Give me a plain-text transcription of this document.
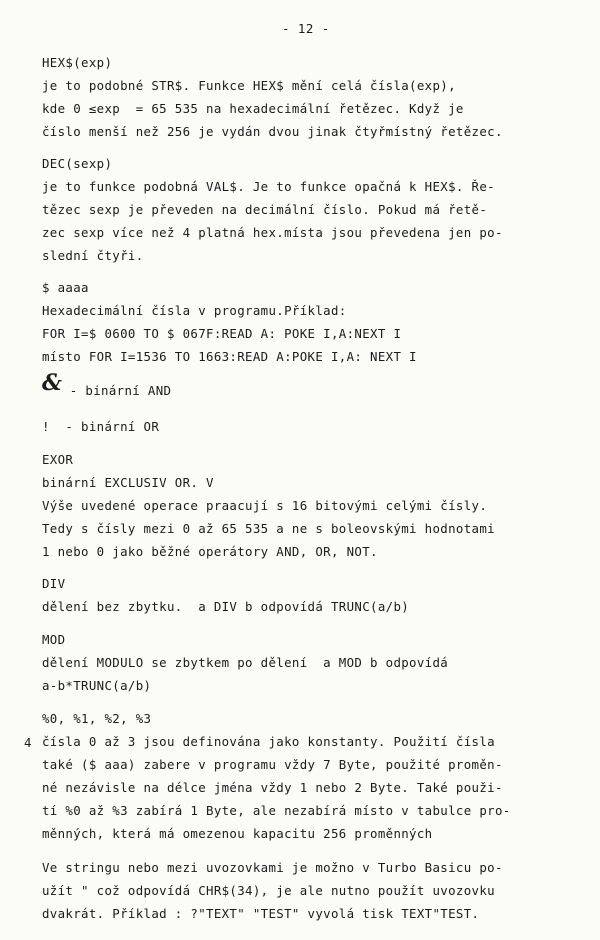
- 12 -
HEX$(exp)
je to podobné STR$. Funkce HEX$ mění celá čísla(exp),
kde 0 ≤exp  = 65 535 na hexadecimální řetězec. Když je
číslo menší než 256 je vydán dvou jinak čtyřmístný řetězec.
DEC(sexp)
je to funkce podobná VAL$. Je to funkce opačná k HEX$. Ře-
tězec sexp je převeden na decimální číslo. Pokud má řetě-
zec sexp více než 4 platná hex.místa jsou převedena jen po-
slední čtyři.
$ aaaa
Hexadecimální čísla v programu.Příklad:
FOR I=$ 0600 TO $ 067F:READ A: POKE I,A:NEXT I
místo FOR I=1536 TO 1663:READ A:POKE I,A: NEXT I
& - binární AND
!  - binární OR
EXOR
binární EXCLUSIV OR. V
Výše uvedené operace praacují s 16 bitovými celými čísly.
Tedy s čísly mezi 0 až 65 535 a ne s boleovskými hodnotami
1 nebo 0 jako běžné operátory AND, OR, NOT.
DIV
dělení bez zbytku.  a DIV b odpovídá TRUNC(a/b)
MOD
dělení MODULO se zbytkem po dělení  a MOD b odpovídá
a-b*TRUNC(a/b)
%0, %1, %2, %3
4 čísla 0 až 3 jsou definována jako konstanty. Použití čísla
také ($ aaa) zabere v programu vždy 7 Byte, použité proměn-
né nezávisle na délce jména vždy 1 nebo 2 Byte. Také použi-
tí %0 až %3 zabírá 1 Byte, ale nezabírá místo v tabulce pro-
měnných, která má omezenou kapacitu 256 proměnných
Ve stringu nebo mezi uvozovkami je možno v Turbo Basicu po-
užít " což odpovídá CHR$(34), je ale nutno použít uvozovku
dvakrát. Příklad : ?"TEXT" "TEST" vyvolá tisk TEXT"TEST.
